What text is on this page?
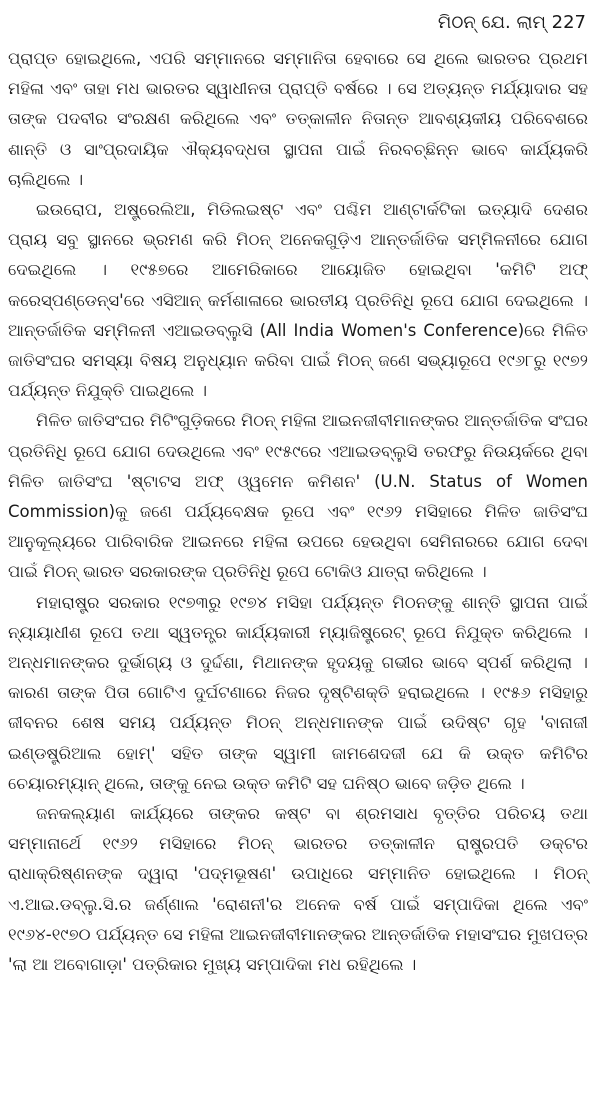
ମିଠନ୍ ଯେ. ଲାମ୍ 227

ପ୍ରାପ୍ତ ହୋଇଥିଲେ, ଏପରି ସମ୍ମାନରେ ସମ୍ମାନିତା ହେବାରେ ସେ ଥିଲେ ଭାରତର ପ୍ରଥମ ମହିଳା ଏବଂ ତାହା ମଧ ଭାରତର ସ୍ୱାଧୀନତା ପ୍ରାପ୍ତି ବର୍ଷରେ । ସେ ଅତ୍ୟନ୍ତ ମର୍ଯ୍ୟାଦାର ସହ ତାଙ୍କ ପଦବୀର ସଂରକ୍ଷଣ କରିଥିଲେ ଏବଂ ତତ୍କାଳୀନ ନିତାନ୍ତ ଆବଶ୍ୟକୀୟ ପରିବେଶରେ ଶାନ୍ତି ଓ ସାଂପ୍ରଦାୟିକ ଐକ୍ୟବଦ୍ଧତା ସ୍ଥାପନା ପାଇଁ ନିରବଚ୍ଛିନ୍ନ ଭାବେ କାର୍ଯ୍ୟକରି ଚାଲିଥିଲେ ।

ଇଉରୋପ, ଅଷ୍ଟ୍ରେଲିଆ, ମିଡିଲଇଷ୍ଟ ଏବଂ ପଶ୍ଚିମ ଆଣ୍ଟାର୍କଟିକା ଇତ୍ୟାଦି ଦେଶର ପ୍ରାୟ ସବୁ ସ୍ଥାନରେ ଭ୍ରମଣ କରି ମିଠନ୍ ଅନେକଗୁଡ଼ିଏ ଆନ୍ତର୍ଜାତିକ ସମ୍ମିଳନୀରେ ଯୋଗ ଦେଇଥିଲେ । ୧୯୫୭ରେ ଆମେରିକାରେ ଆୟୋଜିତ ହୋଇଥିବା 'କମିଟି ଅଫ୍ କରେସ୍ପଣ୍ଡେନ୍ସ'ରେ ଏସିଆନ୍ କର୍ମଶାଳାରେ ଭାରତୀୟ ପ୍ରତିନିଧି ରୂପେ ଯୋଗ ଦେଇଥିଲେ । ଆନ୍ତର୍ଜାତିକ ସମ୍ମିଳନୀ ଏଆଇଡବ୍ଲୁସି (All India Women's Conference)ରେ ମିଳିତ ଜାତିସଂଘର ସମସ୍ୟା ବିଷୟ ଅନୁଧ୍ୟାନ କରିବା ପାଇଁ ମିଠନ୍ ଜଣେ ସଭ୍ୟାରୂପେ ୧୯୬୮ରୁ ୧୯୭୨ ପର୍ଯ୍ୟନ୍ତ ନିଯୁକ୍ତି ପାଇଥିଲେ ।

ମିଳିତ ଜାତିସଂଘର ମିଟିଂଗୁଡ଼ିକରେ ମିଠନ୍ ମହିଳା ଆଇନଜୀବୀମାନଙ୍କର ଆନ୍ତର୍ଜାତିକ ସଂଘର ପ୍ରତିନିଧି ରୂପେ ଯୋଗ ଦେଉଥିଲେ ଏବଂ ୧୯୫୯ରେ ଏଆଇଡବ୍ଲୁସି ତରଫରୁ ନିଉୟର୍କରେ ଥିବା ମିଳିତ ଜାତିସଂଘ 'ଷ୍ଟାଟସ ଅଫ୍ ଓ୍ୱମେନ କମିଶନ' (U.N. Status of Women Commission)କୁ ଜଣେ ପର୍ଯ୍ୟବେକ୍ଷକ ରୂପେ ଏବଂ ୧୯୬୨ ମସିହାରେ ମିଳିତ ଜାତିସଂଘ ଆନୁକୂଲ୍ୟରେ ପାରିବାରିକ ଆଇନରେ ମହିଳା ଉପରେ ହେଉଥିବା ସେମିନାରରେ ଯୋଗ ଦେବା ପାଇଁ ମିଠନ୍ ଭାରତ ସରକାରଙ୍କ ପ୍ରତିନିଧି ରୂପେ ଟୋକିଓ ଯାତ୍ରା କରିଥିଲେ ।

ମହାରାଷ୍ଟ୍ର ସରକାର ୧୯୭୩ରୁ ୧୯୭୪ ମସିହା ପର୍ଯ୍ୟନ୍ତ ମିଠନଙ୍କୁ ଶାନ୍ତି ସ୍ଥାପନା ପାଇଁ ନ୍ୟାୟାଧୀଶ ରୂପେ ତଥା ସ୍ୱତନ୍ତ୍ର କାର୍ଯ୍ୟକାରୀ ମ୍ୟାଜିଷ୍ଟ୍ରେଟ୍ ରୂପେ ନିଯୁକ୍ତ କରିଥିଲେ । ଅନ୍ଧମାନଙ୍କର ଦୁର୍ଭାଗ୍ୟ ଓ ଦୁର୍ଦ୍ଦଶା, ମିଥାନଙ୍କ ହୃଦୟକୁ ଗଭୀର ଭାବେ ସ୍ପର୍ଶ କରିଥିଲା । କାରଣ ତାଙ୍କ ପିତା ଗୋଟିଏ ଦୁର୍ଘଟଣାରେ ନିଜର ଦୃଷ୍ଟିଶକ୍ତି ହରାଇଥିଲେ । ୧୯୫୬ ମସିହାରୁ ଜୀବନର ଶେଷ ସମୟ ପର୍ଯ୍ୟନ୍ତ ମିଠନ୍ ଅନ୍ଧମାନଙ୍କ ପାଇଁ ଉଦିଷ୍ଟ ଗୃହ 'ବାନାଜୀ ଇଣ୍ଡଷ୍ଟ୍ରିଆଲ ହୋମ୍' ସହିତ ତାଙ୍କ ସ୍ୱାମୀ ଜାମଶେଦଜୀ ଯେ କି ଉକ୍ତ କମିଟିର ଚେୟାରମ୍ୟାନ୍ ଥିଲେ, ତାଙ୍କୁ ନେଇ ଉକ୍ତ କମିଟି ସହ ଘନିଷ୍ଠ ଭାବେ ଜଡ଼ିତ ଥିଲେ ।

ଜନକଲ୍ୟାଣ କାର୍ଯ୍ୟରେ ତାଙ୍କର କଷ୍ଟ ବା ଶ୍ରମସାଧ ବୃତ୍ତିର ପରିଚୟ ତଥା ସମ୍ମାନାର୍ଥେ ୧୯୬୨ ମସିହାରେ ମିଠନ୍ ଭାରତର ତତ୍କାଳୀନ ରାଷ୍ଟ୍ରପତି ଡକ୍ଟର ରାଧାକ୍ରିଷ୍ଣନଙ୍କ ଦ୍ୱାରା 'ପଦ୍ମଭୂଷଣ' ଉପାଧିରେ ସମ୍ମାନିତ ହୋଇଥିଲେ । ମିଠନ୍ ଏ.ଆଇ.ଡବ୍ଲୁ.ସି.ର ଜର୍ଣ୍ଣାଲ 'ରୋଶନୀ'ର ଅନେକ ବର୍ଷ ପାଇଁ ସମ୍ପାଦିକା ଥିଲେ ଏବଂ ୧୯୬୪-୧୯୭୦ ପର୍ଯ୍ୟନ୍ତ ସେ ମହିଳା ଆଇନଜୀବୀମାନଙ୍କର ଆନ୍ତର୍ଜାତିକ ମହାସଂଘର ମୁଖପତ୍ର 'ଲା ଆ ଅବୋଗାଡ଼ା' ପତ୍ରିକାର ମୁଖ୍ୟ ସମ୍ପାଦିକା ମଧ ରହିଥିଲେ ।
